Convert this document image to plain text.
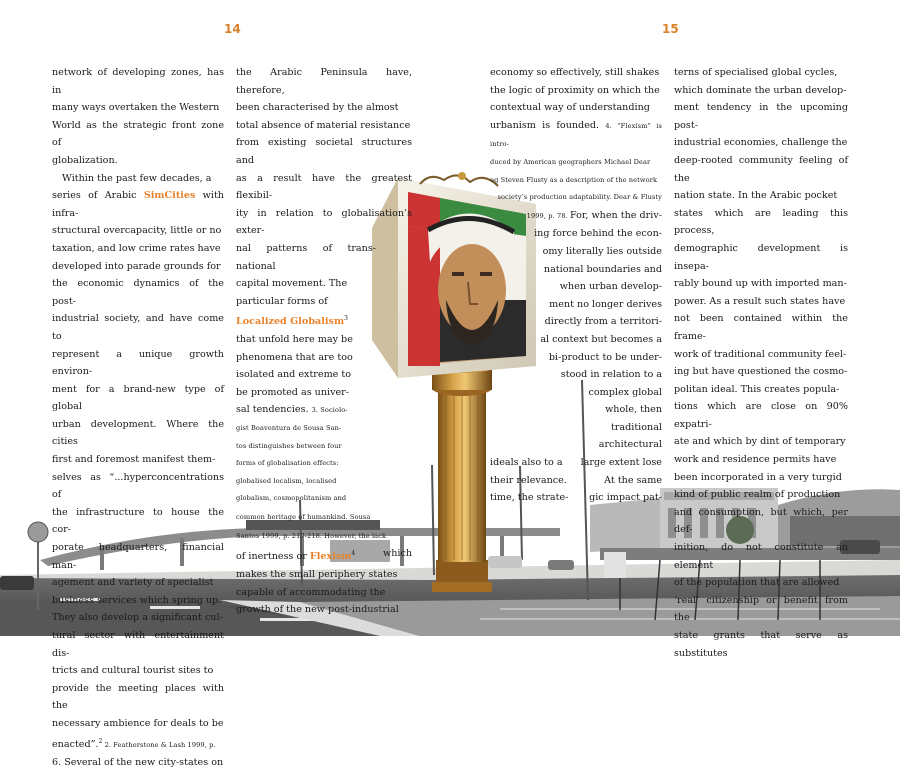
14	15

network of developing zones, has in

many ways overtaken the Western

World as the strategic front zone of

globalization.

Within the past few decades, a

series of Arabic SimCities with infra-

structural overcapacity, little or no

taxation, and low crime rates have

developed into parade grounds for

the economic dynamics of the post-

industrial society, and have come to

represent a unique growth environ-

ment for a brand-new type of global

urban development. Where the cities

first and foremost manifest them-

selves as “...hyperconcentrations of

the infrastructure to house the cor-

porate headquarters, financial man-

agement and variety of specialist

business services which spring up.

They also develop a significant cul-

tural sector with entertainment dis-

tricts and cultural tourist sites to

provide the meeting places with the

necessary ambience for deals to be

enacted”.$^2$ 2. Featherstone & Lash 1999, p.

6. Several of the new city-states on

the Arabic Peninsula have, therefore,

been characterised by the almost

total absence of material resistance

from existing societal structures and

as a result have the greatest flexibil-

ity in relation to globalisation’s exter-

nal patterns of trans-national

capital movement. The

particular forms of

Localized Globalism$^3$

that unfold here may be

phenomena that are too

isolated and extreme to

be promoted as univer-

sal tendencies. 3. Sociolo-

gist Boaventura de Sousa San-

tos distinguishes between four

forms of globalisation effects:

globalised localism, localised

globalism, cosmopolitanism and

common heritage of humankind. Sousa

Santos 1999, p. 217-218. However, the lack

of inertness or Flexism$^4$	which

makes the small periphery states

capable of accommodating the

growth of the new post-industrial

economy so effectively, still shakes

the logic of proximity on which the

contextual way of understanding

urbanism is founded. 4. “Flexism” is intro-

duced by American geographers Michael Dear

og Steven Flusty as a description of the network

society’s production adaptability. Dear & Flusty

1999, p. 78. For, when the driv-

ing force behind the econ-

omy literally lies outside

national boundaries and

when urban develop-

ment no longer derives

directly from a territori-

al context but becomes a

bi-product to be under-

stood in relation to a

complex global

whole, then

traditional

architectural

ideals also to a large extent lose

their relevance.	At the same

time, the strate- gic impact pat-

terns of specialised global cycles,

which dominate the urban develop-

ment tendency in the upcoming post-

industrial economies, challenge the

deep-rooted community feeling of the

nation state. In the Arabic pocket

states which are leading this process,

demographic development is insepa-

rably bound up with imported man-

power. As a result such states have

not been contained within the frame-

work of traditional community feel-

ing but have questioned the cosmo-

politan ideal. This creates popula-

tions which are close on 90% expatri-

ate and which by dint of temporary

work and residence permits have

been incorporated in a very turgid

kind of public realm of production

and consumption, but which, per def-

inition, do not constitute an element

of the population that are allowed

‘real’ citizenship or benefit from the

state grants that serve as substitutes
